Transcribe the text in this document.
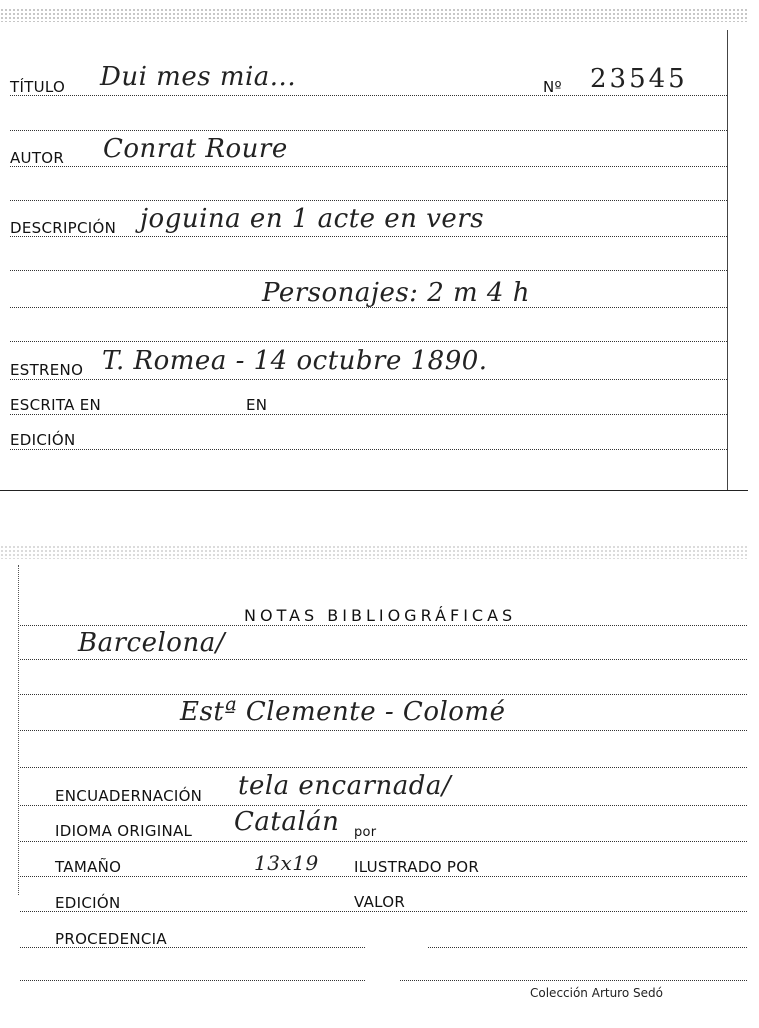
TÍTULO Dui mes mia...	Nº 23545
AUTOR Conrat Roure
DESCRIPCIÓN joguina en 1 acte en vers
Personajes: 2 m 4 h
ESTRENO T. Romea - 14 octubre 1890.
ESCRITA EN	EN
EDICIÓN
NOTAS BIBLIOGRÁFICAS
Barcelona/
Estª Clemente - Colomé
ENCUADERNACIÓN tela encarnada/
IDIOMA ORIGINAL Catalán por
TAMAÑO	13x19 ILUSTRADO POR
EDICIÓN	VALOR
PROCEDENCIA
Colección Arturo Sedó
